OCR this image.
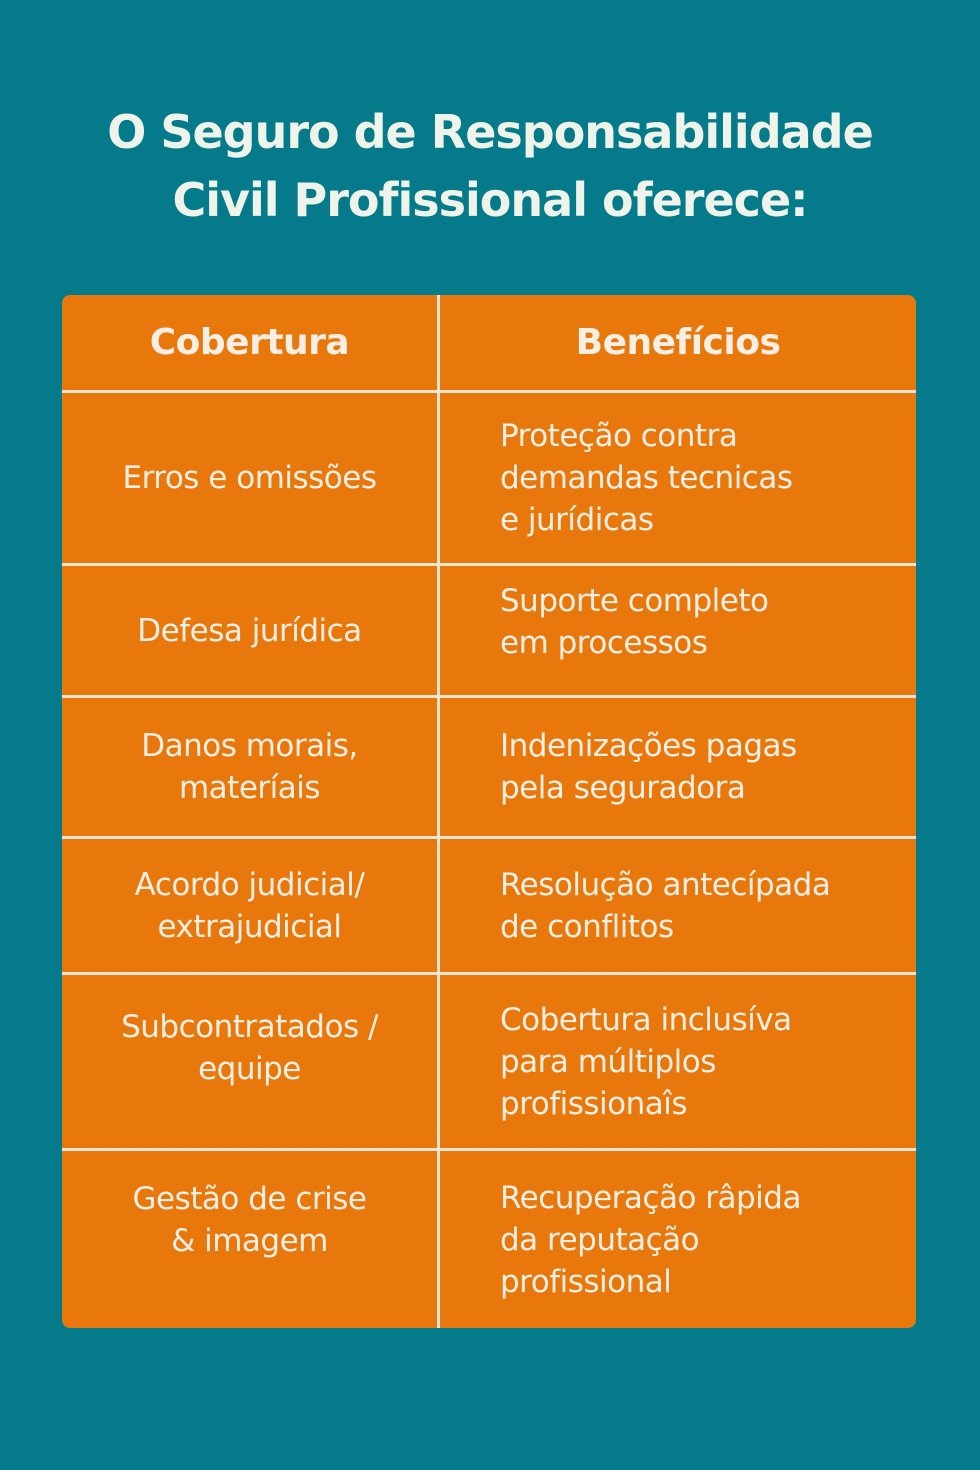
O Seguro de Responsabilidade
Civil Profissional oferece:
Cobertura	Benefícios
Erros e omissões
Proteção contra
demandas tecnicas
e jurídicas
Defesa jurídica
Suporte completo
em processos
Danos morais,
materíais
Indenizações pagas
pela seguradora
Acordo judicial/
extrajudicial
Resolução antecípada
de conflitos
Subcontratados /
equipe
Cobertura inclusíva
para múltiplos
profissionaîs
Gestão de crise
& imagem
Recuperação râpida
da reputação
profissional
